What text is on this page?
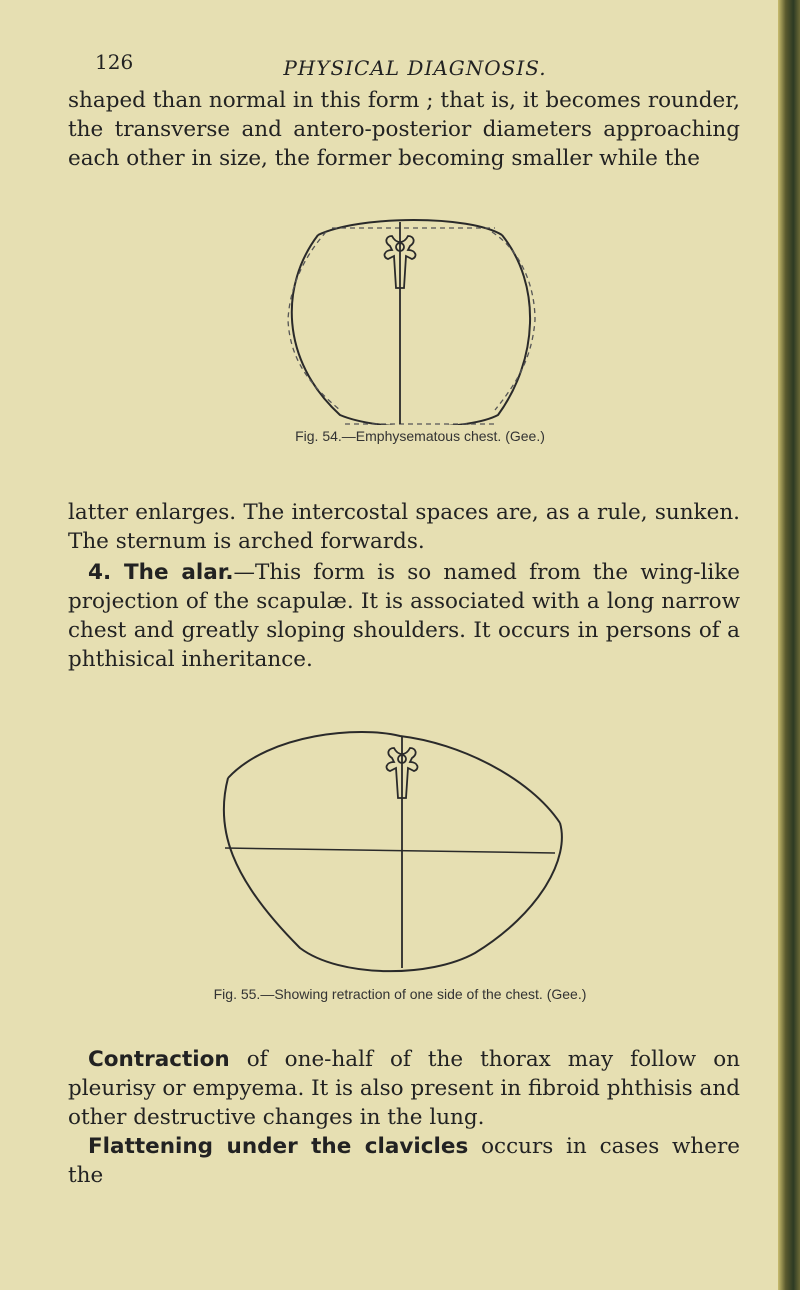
126	PHYSICAL DIAGNOSIS.

shaped than normal in this form ; that is, it becomes rounder, the transverse and antero-posterior diameters approaching each other in size, the former becoming smaller while the

Fig. 54.—Emphysematous chest. (Gee.)

latter enlarges. The intercostal spaces are, as a rule, sunken. The sternum is arched forwards.

4. The alar.—This form is so named from the wing-like projection of the scapulæ. It is associated with a long narrow chest and greatly sloping shoulders. It occurs in persons of a phthisical inheritance.

Fig. 55.—Showing retraction of one side of the chest. (Gee.)

Contraction of one-half of the thorax may follow on pleurisy or empyema. It is also present in fibroid phthisis and other destructive changes in the lung.

Flattening under the clavicles occurs in cases where the
